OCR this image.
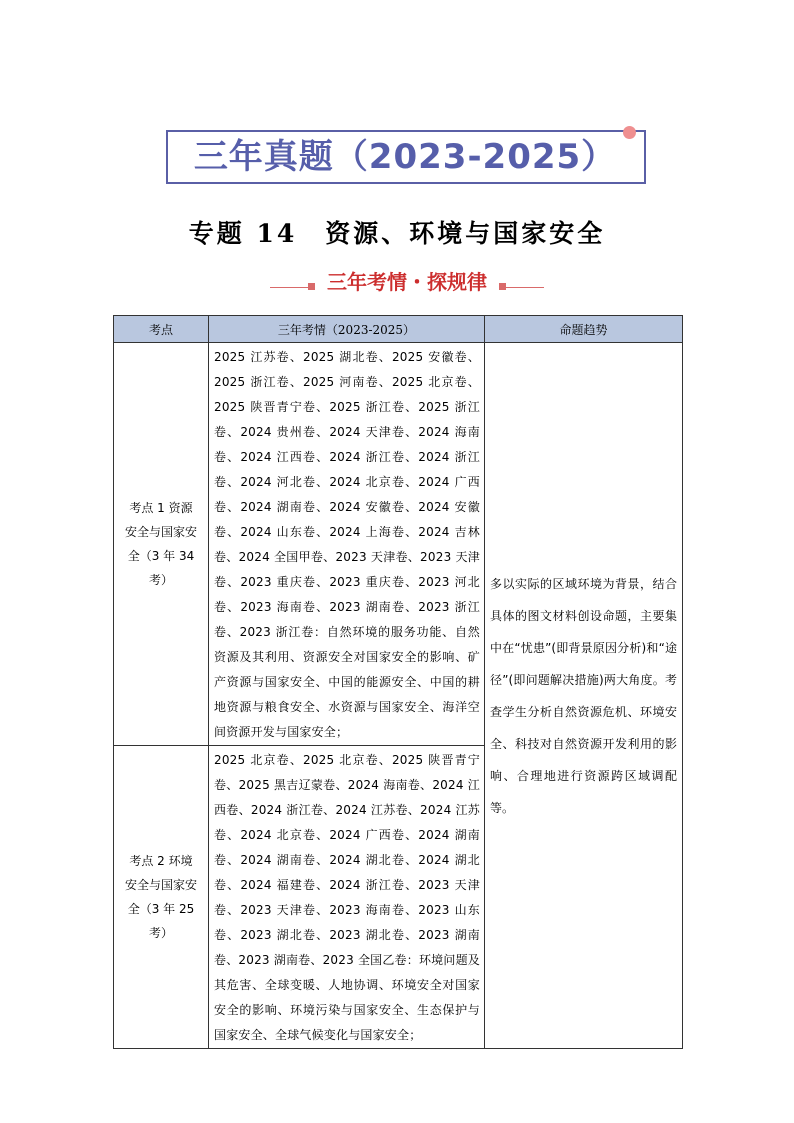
三年真题（2023-2025）
专题 14　资源、环境与国家安全
三年考情・探规律
考点	三年考情（2023-2025）	命题趋势
考点 1 资源安全与国家安全（3 年 34 考）	2025 江苏卷、2025 湖北卷、2025 安徽卷、2025 浙江卷、2025 河南卷、2025 北京卷、2025 陕晋青宁卷、2025 浙江卷、2025 浙江卷、2024 贵州卷、2024 天津卷、2024 海南卷、2024 江西卷、2024 浙江卷、2024 浙江卷、2024 河北卷、2024 北京卷、2024 广西卷、2024 湖南卷、2024 安徽卷、2024 安徽卷、2024 山东卷、2024 上海卷、2024 吉林卷、2024 全国甲卷、2023 天津卷、2023 天津卷、2023 重庆卷、2023 重庆卷、2023 河北卷、2023 海南卷、2023 湖南卷、2023 浙江卷、2023 浙江卷：自然环境的服务功能、自然资源及其利用、资源安全对国家安全的影响、矿产资源与国家安全、中国的能源安全、中国的耕地资源与粮食安全、水资源与国家安全、海洋空间资源开发与国家安全；	多以实际的区域环境为背景，结合具体的图文材料创设命题，主要集中在“忧患”(即背景原因分析)和“途径”(即问题解决措施)两大角度。考查学生分析自然资源危机、环境安全、科技对自然资源开发利用的影响、合理地进行资源跨区域调配等。
考点 2 环境安全与国家安全（3 年 25 考）	2025 北京卷、2025 北京卷、2025 陕晋青宁卷、2025 黑吉辽蒙卷、2024 海南卷、2024 江西卷、2024 浙江卷、2024 江苏卷、2024 江苏卷、2024 北京卷、2024 广西卷、2024 湖南卷、2024 湖南卷、2024 湖北卷、2024 湖北卷、2024 福建卷、2024 浙江卷、2023 天津卷、2023 天津卷、2023 海南卷、2023 山东卷、2023 湖北卷、2023 湖北卷、2023 湖南卷、2023 湖南卷、2023 全国乙卷：环境问题及其危害、全球变暖、人地协调、环境安全对国家安全的影响、环境污染与国家安全、生态保护与国家安全、全球气候变化与国家安全；	
